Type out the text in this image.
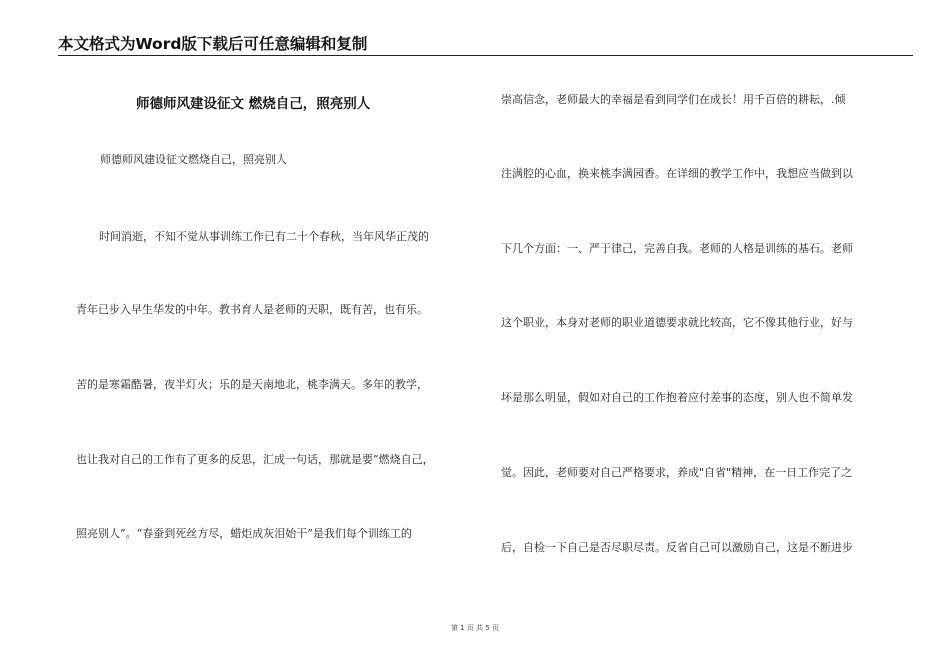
本文格式为Word版下载后可任意编辑和复制
师德师风建设征文 燃烧自己，照亮别人
师德师风建设征文燃烧自己，照亮别人
时间消逝，不知不觉从事训练工作已有二十个春秋，当年风华正茂的
青年已步入早生华发的中年。教书育人是老师的天职，既有苦，也有乐。
苦的是寒霜酷暑，夜半灯火；乐的是天南地北，桃李满天。多年的教学，
也让我对自己的工作有了更多的反思，汇成一句话，那就是要“燃烧自己，
照亮别人”。“春蚕到死丝方尽，蜡炬成灰泪始干”是我们每个训练工的
崇高信念，老师最大的幸福是看到同学们在成长！用千百倍的耕耘，.倾
注满腔的心血，换来桃李满园香。在详细的教学工作中，我想应当做到以
下几个方面：一、严于律己，完善自我。老师的人格是训练的基石。老师
这个职业，本身对老师的职业道德要求就比较高，它不像其他行业，好与
坏是那么明显，假如对自己的工作抱着应付差事的态度，别人也不简单发
觉。因此，老师要对自己严格要求，养成"自省"精神，在一日工作完了之
后，自检一下自己是否尽职尽责。反省自己可以激励自己，这是不断进步
第 1 页 共 5 页
